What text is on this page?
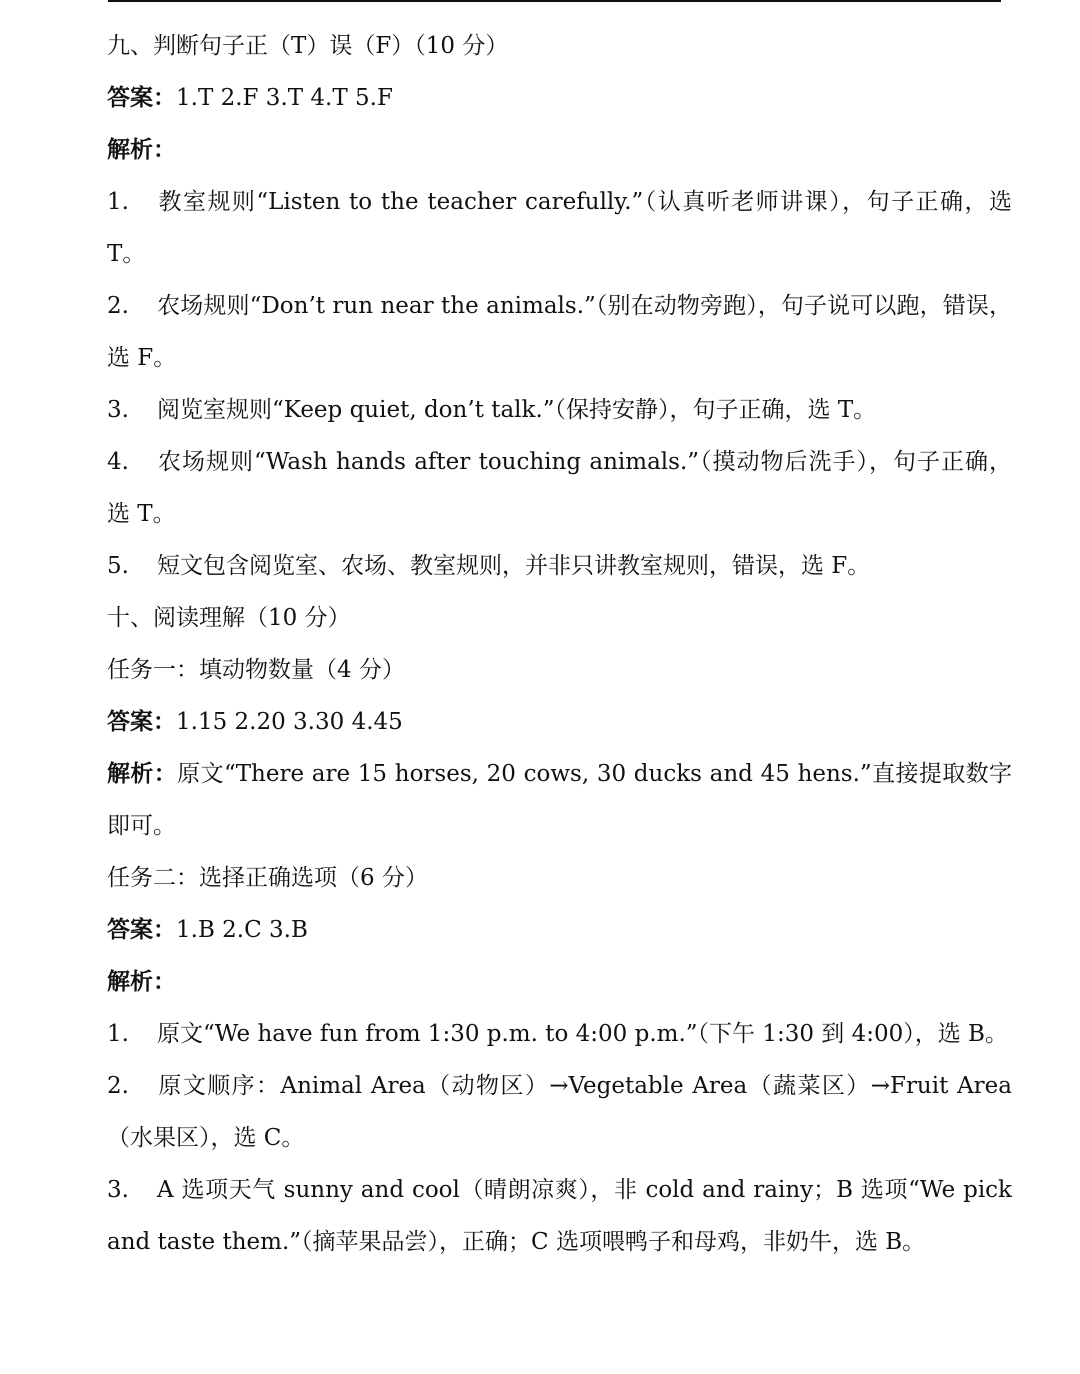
九、判断句子正（T）误（F）（10 分）

答案：1.T 2.F 3.T 4.T 5.F

解析：

1. 教室规则“Listen to the teacher carefully.”（认真听老师讲课），句子正确，选 T。

2. 农场规则“Don’t run near the animals.”（别在动物旁跑），句子说可以跑，错误，选 F。

3. 阅览室规则“Keep quiet, don’t talk.”（保持安静），句子正确，选 T。

4. 农场规则“Wash hands after touching animals.”（摸动物后洗手），句子正确，选 T。

5. 短文包含阅览室、农场、教室规则，并非只讲教室规则，错误，选 F。

十、阅读理解（10 分）

任务一：填动物数量（4 分）

答案：1.15 2.20 3.30 4.45

解析：原文“There are 15 horses, 20 cows, 30 ducks and 45 hens.”直接提取数字即可。

任务二：选择正确选项（6 分）

答案：1.B 2.C 3.B

解析：

1. 原文“We have fun from 1:30 p.m. to 4:00 p.m.”（下午 1:30 到 4:00），选 B。

2. 原文顺序：Animal Area（动物区）→Vegetable Area（蔬菜区）→Fruit Area（水果区），选 C。

3. A 选项天气 sunny and cool（晴朗凉爽），非 cold and rainy；B 选项“We pick and taste them.”（摘苹果品尝），正确；C 选项喂鸭子和母鸡，非奶牛，选 B。
